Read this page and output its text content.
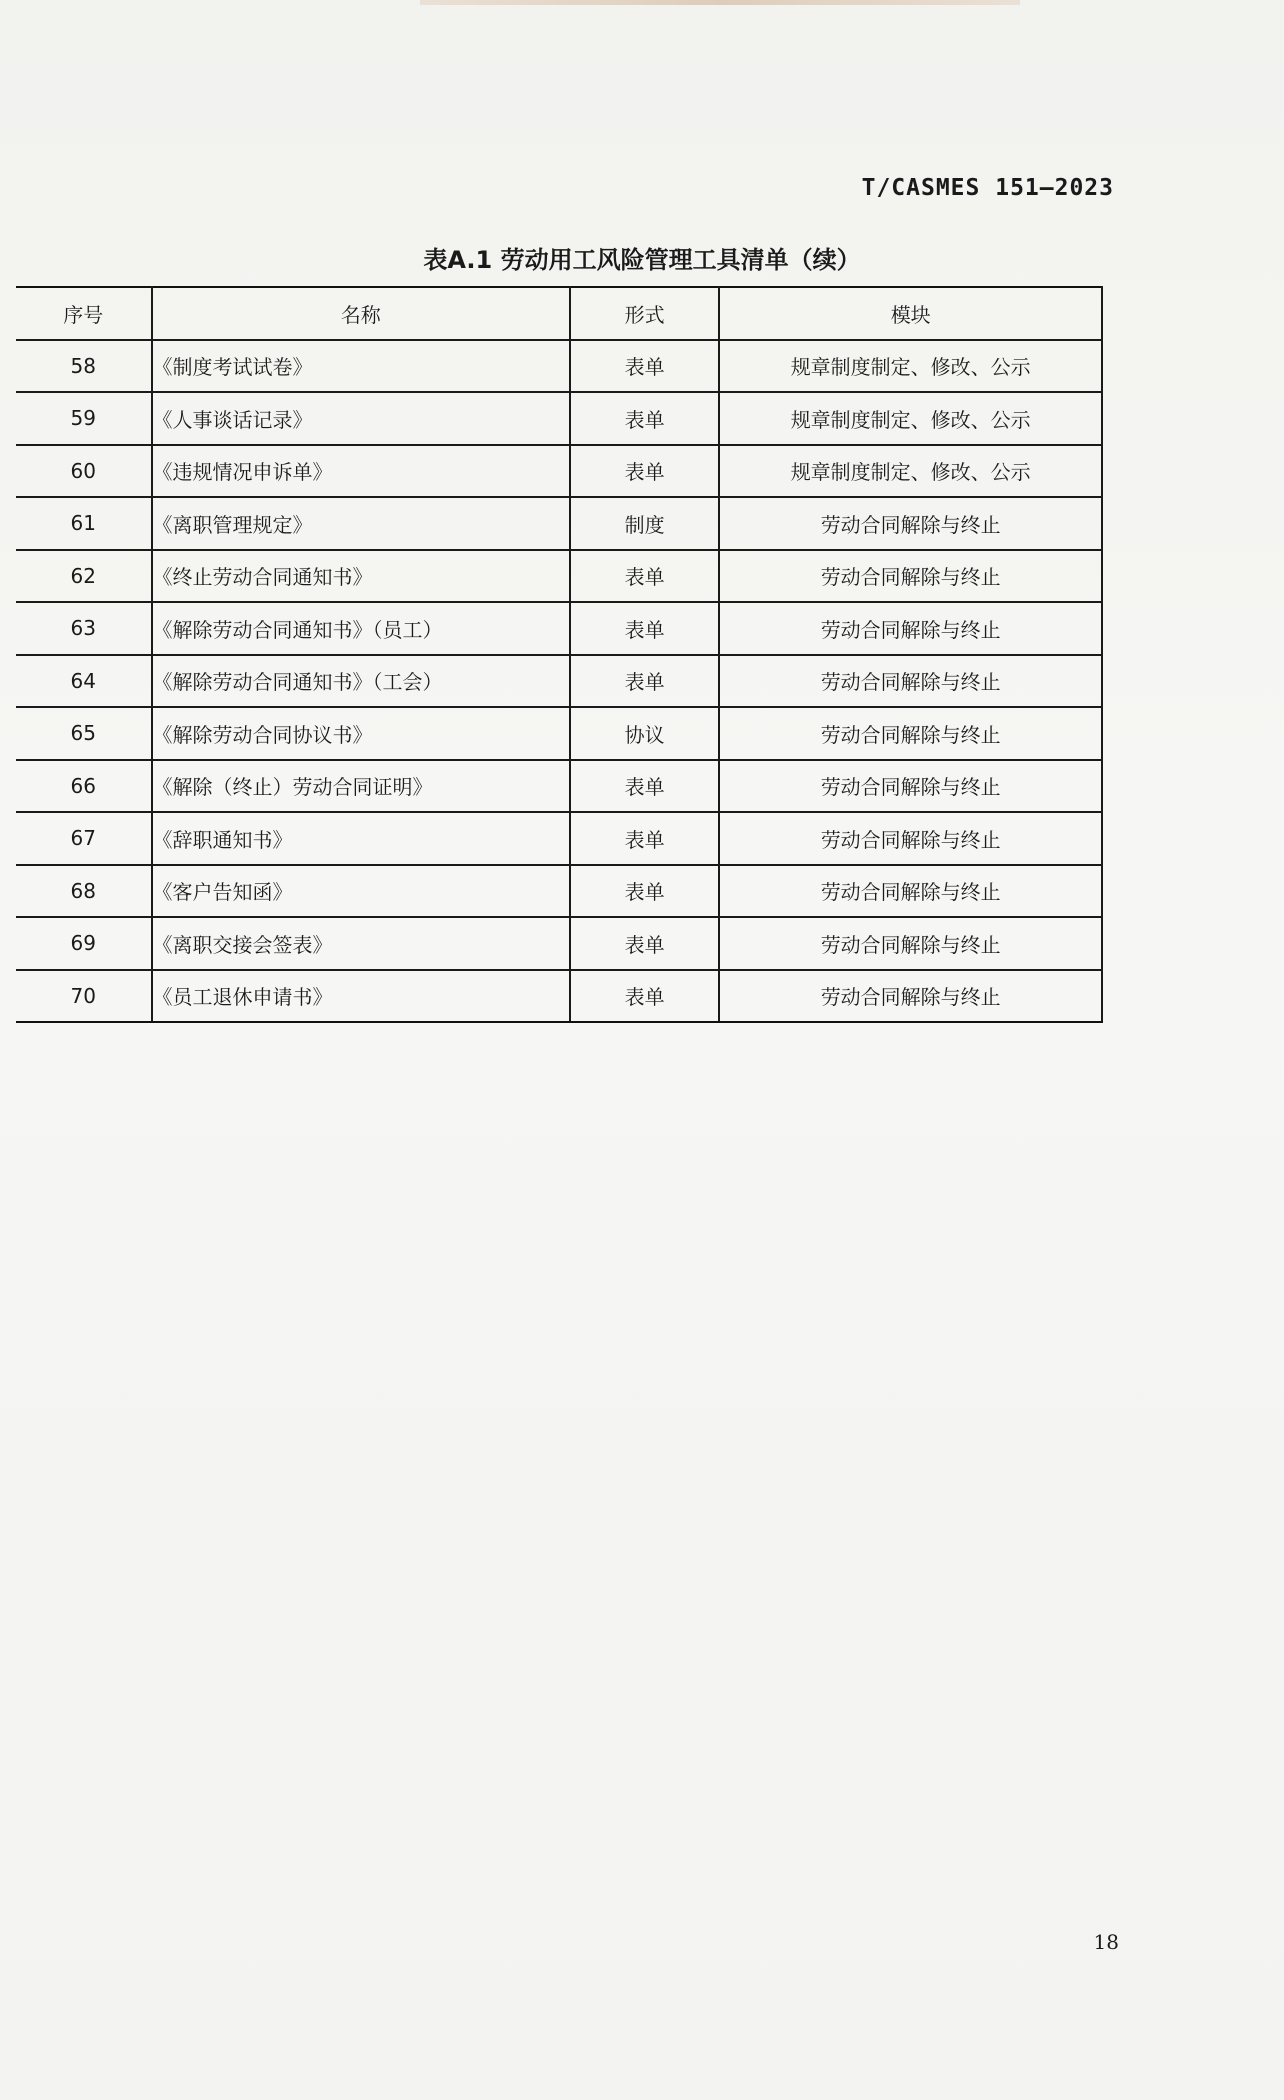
T/CASMES 151—2023
表A.1 劳动用工风险管理工具清单（续）
序号	名称	形式	模块
58	《制度考试试卷》	表单	规章制度制定、修改、公示
59	《人事谈话记录》	表单	规章制度制定、修改、公示
60	《违规情况申诉单》	表单	规章制度制定、修改、公示
61	《离职管理规定》	制度	劳动合同解除与终止
62	《终止劳动合同通知书》	表单	劳动合同解除与终止
63	《解除劳动合同通知书》（员工）	表单	劳动合同解除与终止
64	《解除劳动合同通知书》（工会）	表单	劳动合同解除与终止
65	《解除劳动合同协议书》	协议	劳动合同解除与终止
66	《解除（终止）劳动合同证明》	表单	劳动合同解除与终止
67	《辞职通知书》	表单	劳动合同解除与终止
68	《客户告知函》	表单	劳动合同解除与终止
69	《离职交接会签表》	表单	劳动合同解除与终止
70	《员工退休申请书》	表单	劳动合同解除与终止
18
